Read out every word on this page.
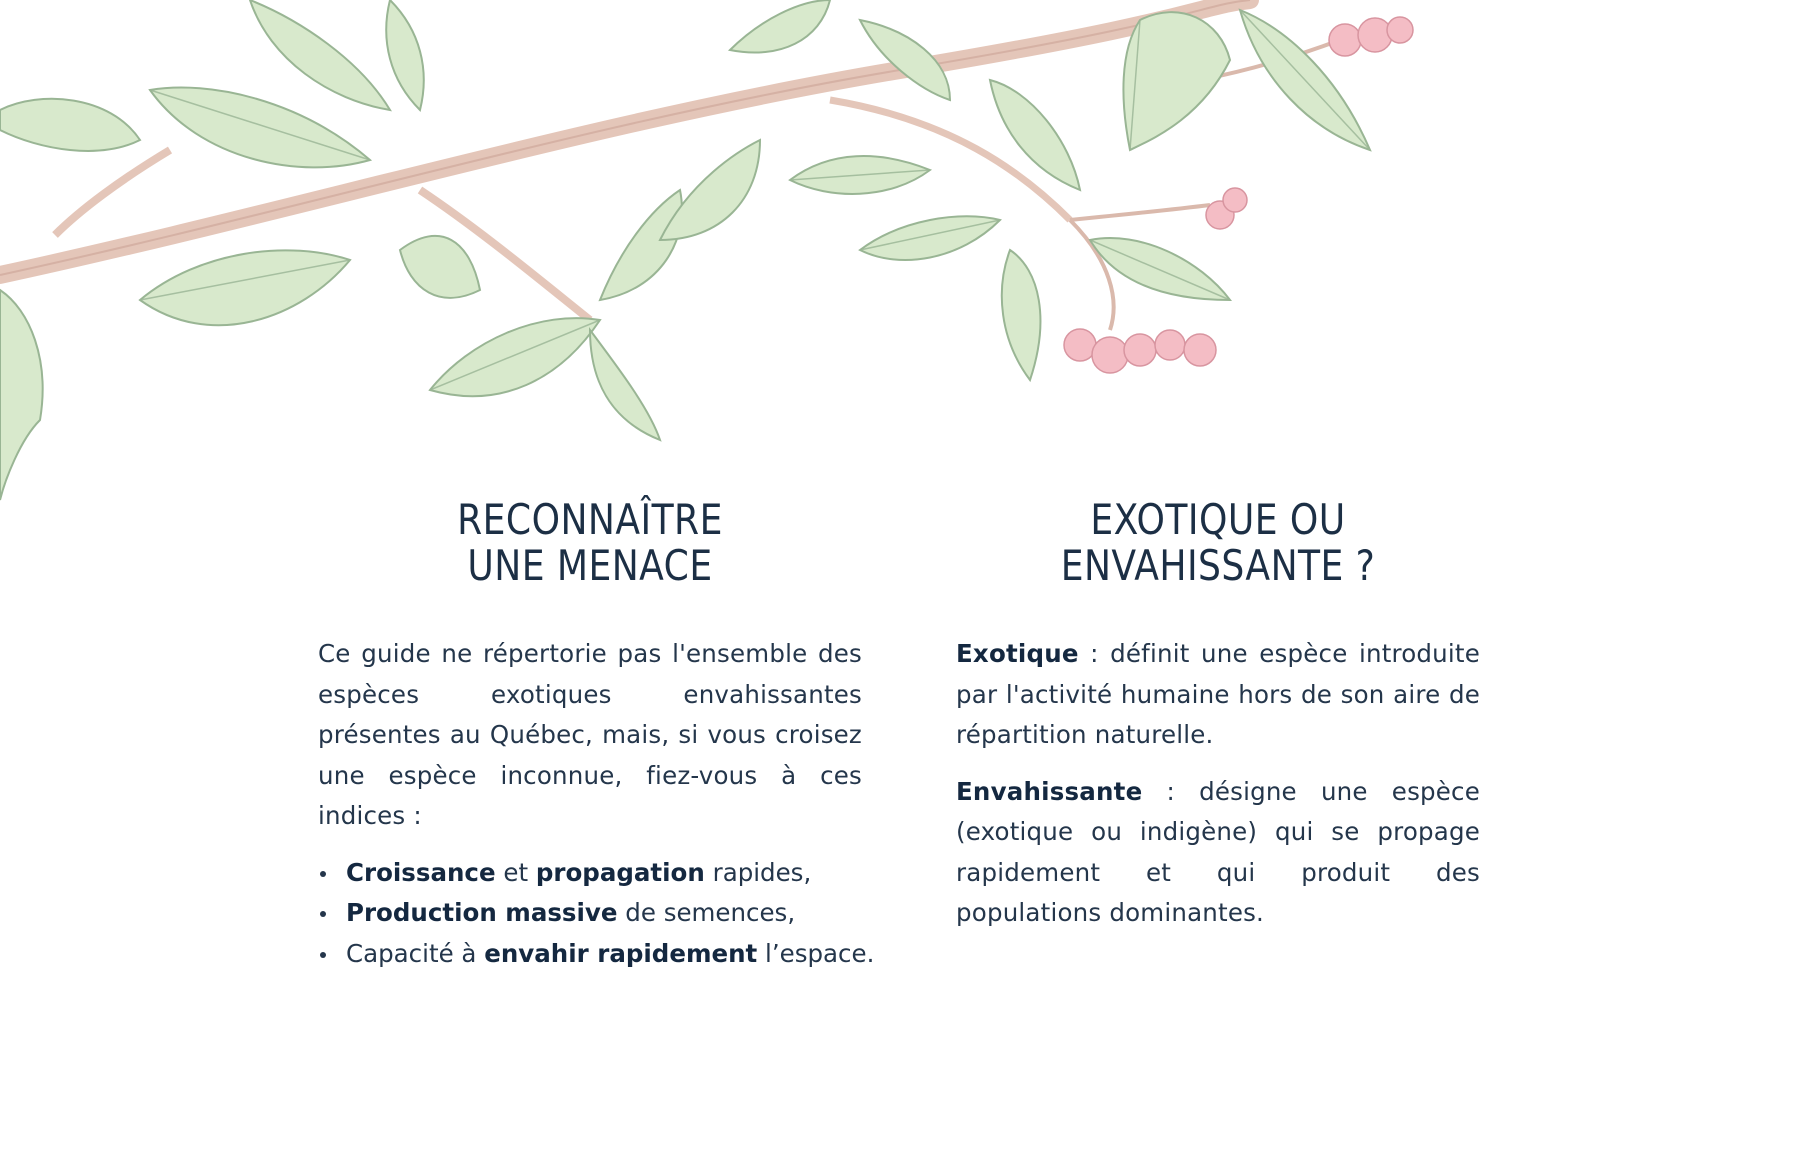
RECONNAÎTRE
UNE MENACE

Ce guide ne répertorie pas l'ensemble des espèces exotiques envahissantes présentes au Québec, mais, si vous croisez une espèce inconnue, fiez-vous à ces indices :

Croissance et propagation rapides,
Production massive de semences,
Capacité à envahir rapidement l’espace.
EXOTIQUE OU
ENVAHISSANTE ?

Exotique : définit une espèce introduite par l'activité humaine hors de son aire de répartition naturelle.

Envahissante : désigne une espèce (exotique ou indigène) qui se propage rapidement et qui produit des populations dominantes.
